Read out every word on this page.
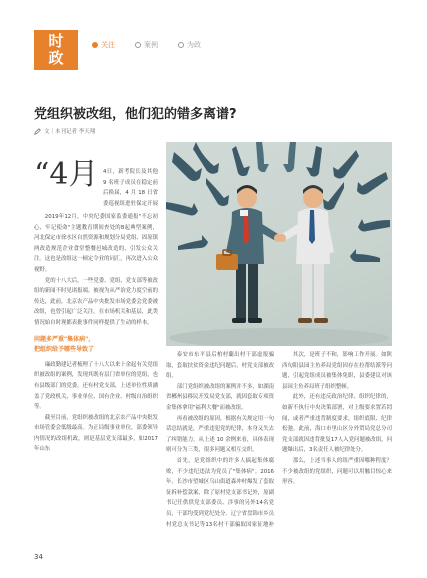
时
政
关注	案例	为政
党组织被改组，他们犯的错多离谱?
文｜本刊记者 李天翔
“4月 4日，新考院长及其他 9 名班子成员在稳定前后换届，4 月 18 日省委巡视组进驻保定开展

2019年12月，中央纪委国家监委通报"不忘初心、牢记使命"主题教育期间查处的8起典型案例，河北保定市徐水区自然资源和规划分局党组、固原镇两改造规范企业食堂整餐邑城改造的，引发公众关注。这也是改组这一顿定令业的词汇，再次进入公众视野。

党的十八大后，一些党委、党组、党支部等被改组的新闻不时见诸报端。被视为从严治党力度空前的传达，此前，北京农产品中央批发市场党委会党委被改组，也曾引起广泛关注。在市场机关和基层，此类情况始自时现都表批事件同样提供了生动的样本。

问题多严重"集体病"，
把组织给予哪些导致了

廉政勤建记者梳理了十八大以来十余起有关党组织被改组的案例，发现其既有层门省单位的党组，也有县级部门的党委，还有村党支部，上述单位性质涵盖了党政机关、事业单位、国有企业、村级自治组织等。

截至目前，党组织被改组的北京农产品中央批发市场管委会低级最高。为正局级事业单位，部委领导内情况的改组机政，则是基层党支部最多，如2017年山东

泰安市东平县后柏村蘭出村干部虚报骗取，套取扶贫资金违纪问题后，村党支部被改组。

部门党组织被改组的案例并不多，如湖南省郴州县移民开发局党支部，就因套取专项资金集体拿用"福利大餐"而被改组。

再看被改组的原因，根据有关规定用一句话总结就是，严重违犯党的纪律，本身又失去了纠错能力。从上述 10 余例来看，具体表现则可分为三类，很多问题又相互交织。

首先，是党组织中的许多人搞起集体腐败，不少违纪违法为党员了"集体病"。2016年，长沙市望城区乌山街道森冲村爆发了套取征拆补偿款案，除了原村党支部书记外，原副书记任供供党支部委员、涉事的另外14名党员，干部均受到党纪处分。辽宁省盘锦市乡员村党总支书记等13名村干部骗取国家征地补

其次，是班子不和，影响工作开展。如陕西旬阳县园主鱼养局党组因存在拉帮结派等问题，引起党组成员被集体免职，县委建议对该县园主鱼养局班子组织整顿。

此外，还有违反政治纪律、组织纪律的，如新不执行中央决策部署，对上级要求置若罔闻，或者严重违背制度要求，组织底限、纪律松弛。此前，海口市里山区分外贸局党总分司党支部就因违背批复17人入党问题被改组，问题爆出后，3名责任人被纪律处分。

那么，上述当事人的组严重因哪种程度？不少被改组的党组织，问题可以用触目惊心来形容。

34
